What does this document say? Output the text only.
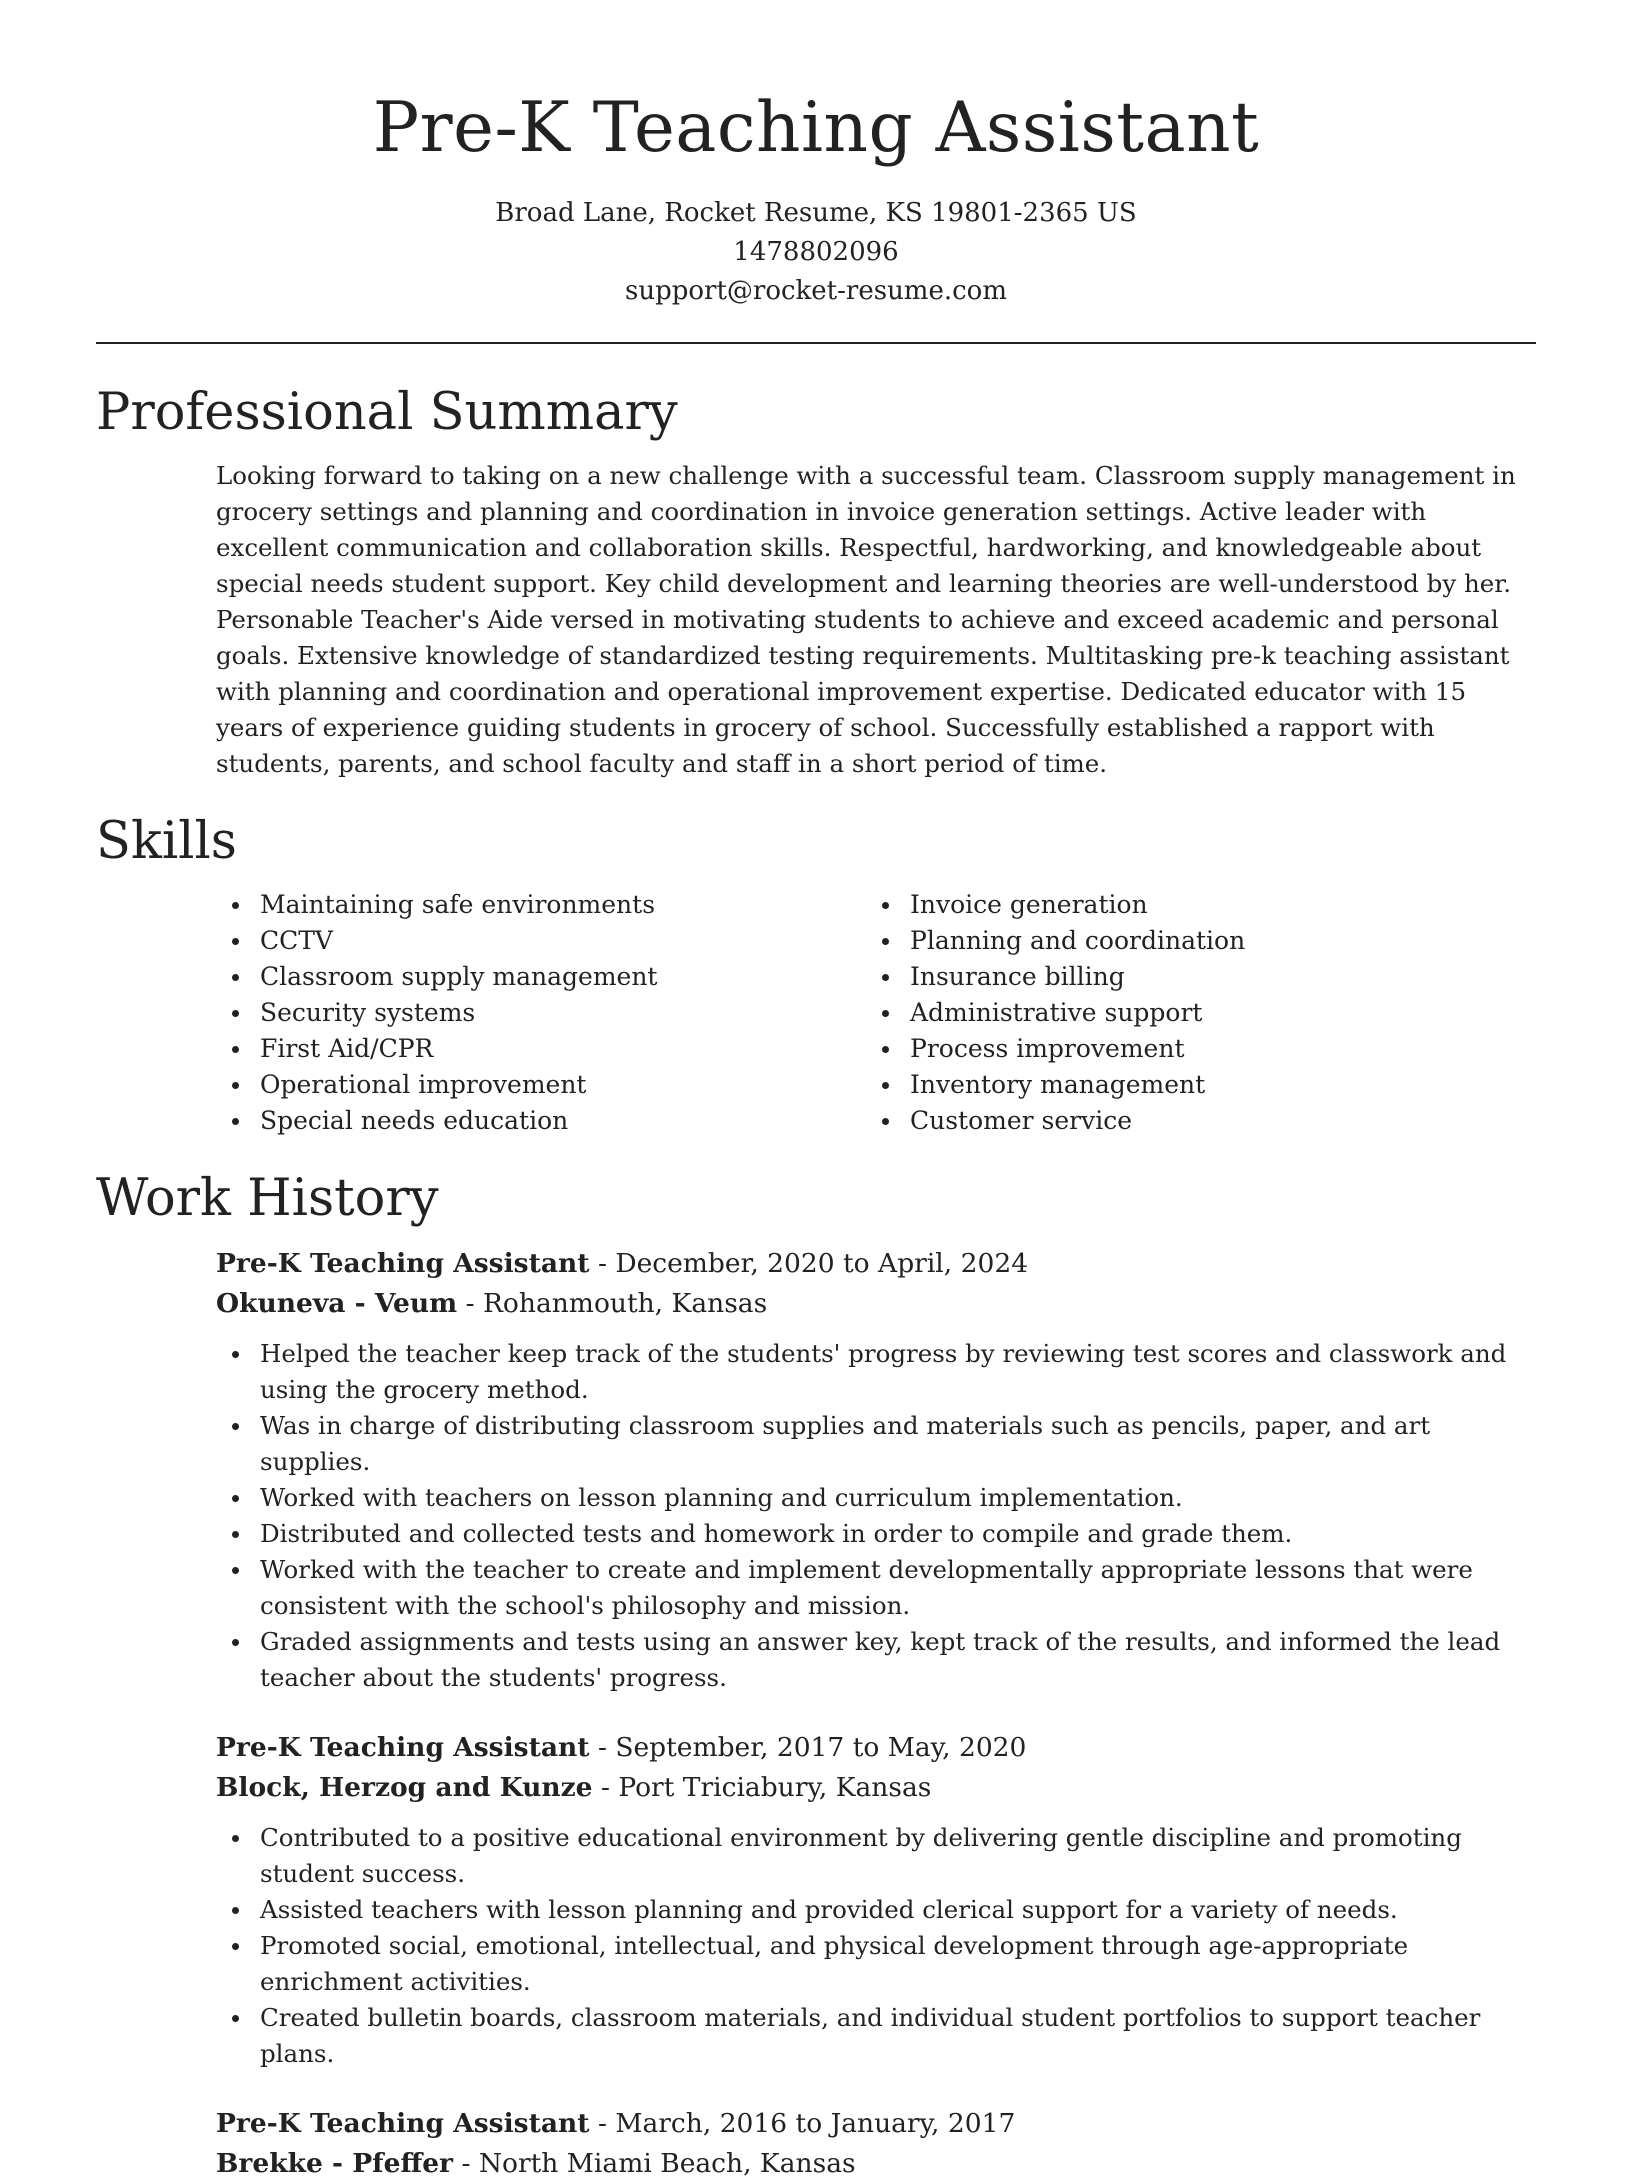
Pre-K Teaching Assistant
Broad Lane, Rocket Resume, KS 19801-2365 US
1478802096
support@rocket-resume.com
Professional Summary

Looking forward to taking on a new challenge with a successful team. Classroom supply management in grocery settings and planning and coordination in invoice generation settings. Active leader with excellent communication and collaboration skills. Respectful, hardworking, and knowledgeable about special needs student support. Key child development and learning theories are well-understood by her. Personable Teacher's Aide versed in motivating students to achieve and exceed academic and personal goals. Extensive knowledge of standardized testing requirements. Multitasking pre-k teaching assistant with planning and coordination and operational improvement expertise. Dedicated educator with 15 years of experience guiding students in grocery of school. Successfully established a rapport with students, parents, and school faculty and staff in a short period of time.

Skills
Maintaining safe environments
CCTV
Classroom supply management
Security systems
First Aid/CPR
Operational improvement
Special needs education
Invoice generation
Planning and coordination
Insurance billing
Administrative support
Process improvement
Inventory management
Customer service
Work History
Pre-K Teaching Assistant - December, 2020 to April, 2024
Okuneva - Veum - Rohanmouth, Kansas
Helped the teacher keep track of the students' progress by reviewing test scores and classwork and using the grocery method.
Was in charge of distributing classroom supplies and materials such as pencils, paper, and art supplies.
Worked with teachers on lesson planning and curriculum implementation.
Distributed and collected tests and homework in order to compile and grade them.
Worked with the teacher to create and implement developmentally appropriate lessons that were consistent with the school's philosophy and mission.
Graded assignments and tests using an answer key, kept track of the results, and informed the lead teacher about the students' progress.
Pre-K Teaching Assistant - September, 2017 to May, 2020
Block, Herzog and Kunze - Port Triciabury, Kansas
Contributed to a positive educational environment by delivering gentle discipline and promoting student success.
Assisted teachers with lesson planning and provided clerical support for a variety of needs.
Promoted social, emotional, intellectual, and physical development through age-appropriate enrichment activities.
Created bulletin boards, classroom materials, and individual student portfolios to support teacher plans.
Pre-K Teaching Assistant - March, 2016 to January, 2017
Brekke - Pfeffer - North Miami Beach, Kansas
